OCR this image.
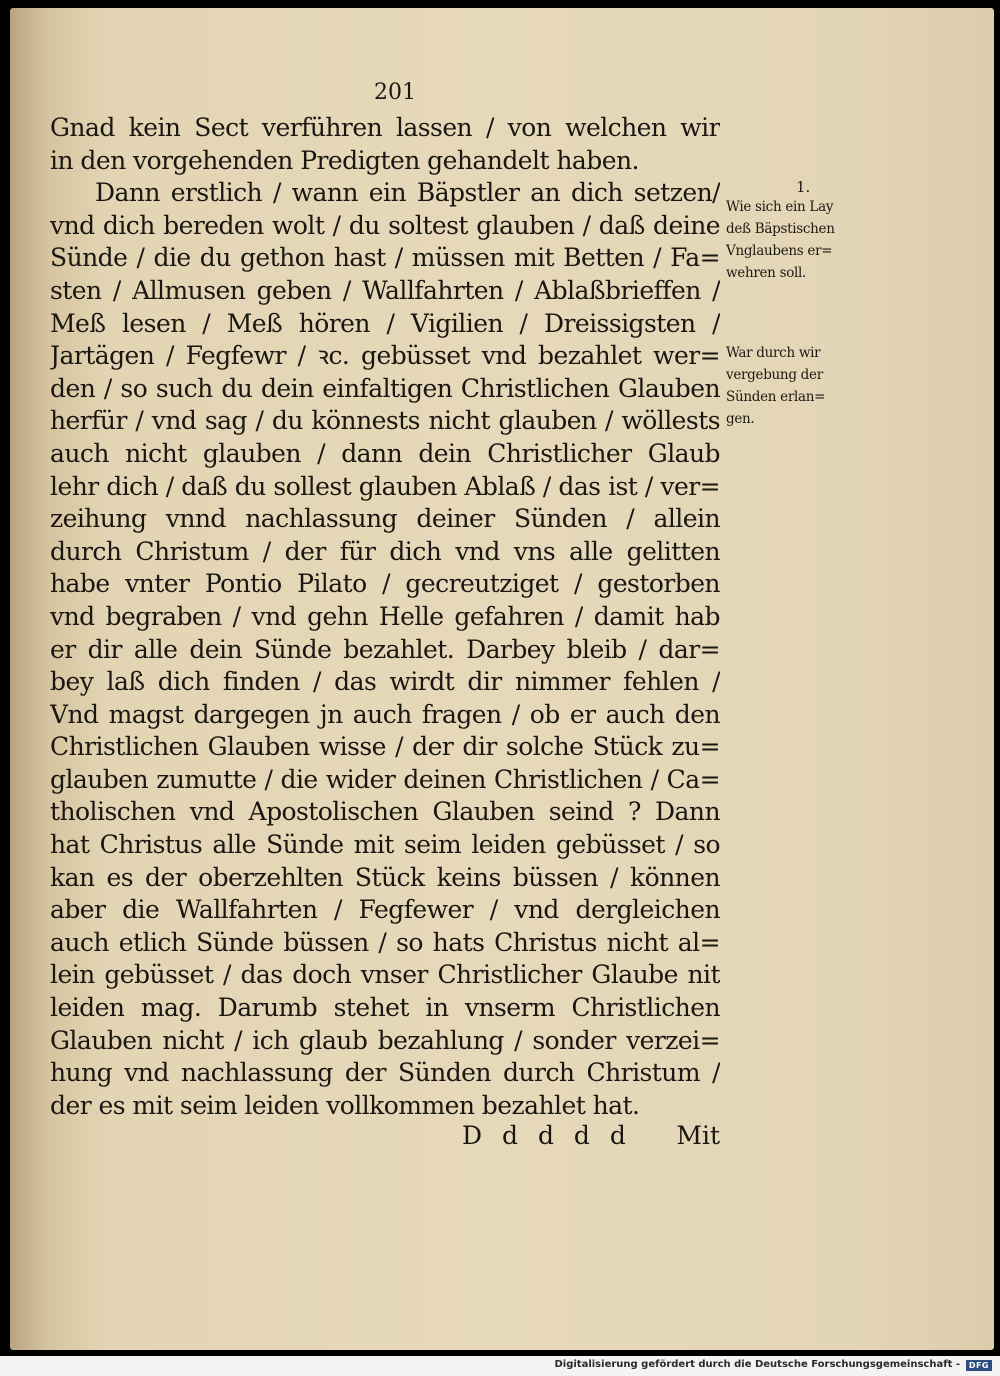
201
Gnad kein Sect verführen lassen / von welchen wir
in den vorgehenden Predigten gehandelt haben.
Dann erstlich / wann ein Bäpstler an dich setzen/
vnd dich bereden wolt / du soltest glauben / daß deine
Sünde / die du gethon hast / müssen mit Betten / Fa=
sten / Allmusen geben / Wallfahrten / Ablaßbrieffen /
Meß lesen / Meß hören / Vigilien / Dreissigsten /
Jartägen / Fegfewr / ꝛc. gebüsset vnd bezahlet wer=
den / so such du dein einfaltigen Christlichen Glauben
herfür / vnd sag / du könnests nicht glauben / wöllests
auch nicht glauben / dann dein Christlicher Glaub
lehr dich / daß du sollest glauben Ablaß / das ist / ver=
zeihung vnnd nachlassung deiner Sünden / allein
durch Christum / der für dich vnd vns alle gelitten
habe vnter Pontio Pilato / gecreutziget / gestorben
vnd begraben / vnd gehn Helle gefahren / damit hab
er dir alle dein Sünde bezahlet. Darbey bleib / dar=
bey laß dich finden / das wirdt dir nimmer fehlen /
Vnd magst dargegen jn auch fragen / ob er auch den
Christlichen Glauben wisse / der dir solche Stück zu=
glauben zumutte / die wider deinen Christlichen / Ca=
tholischen vnd Apostolischen Glauben seind ? Dann
hat Christus alle Sünde mit seim leiden gebüsset / so
kan es der oberzehlten Stück keins büssen / können
aber die Wallfahrten / Fegfewer / vnd dergleichen
auch etlich Sünde büssen / so hats Christus nicht al=
lein gebüsset / das doch vnser Christlicher Glaube nit
leiden mag. Darumb stehet in vnserm Christlichen
Glauben nicht / ich glaub bezahlung / sonder verzei=
hung vnd nachlassung der Sünden durch Christum /
der es mit seim leiden vollkommen bezahlet hat.
1.
Wie sich ein Lay
deß Bäpstischen
Vnglaubens er=
wehren soll.
War durch wir
vergebung der
Sünden erlan=
gen.
D d d d d Mit
Digitalisierung gefördert durch die Deutsche Forschungsgemeinschaft -	DFG
